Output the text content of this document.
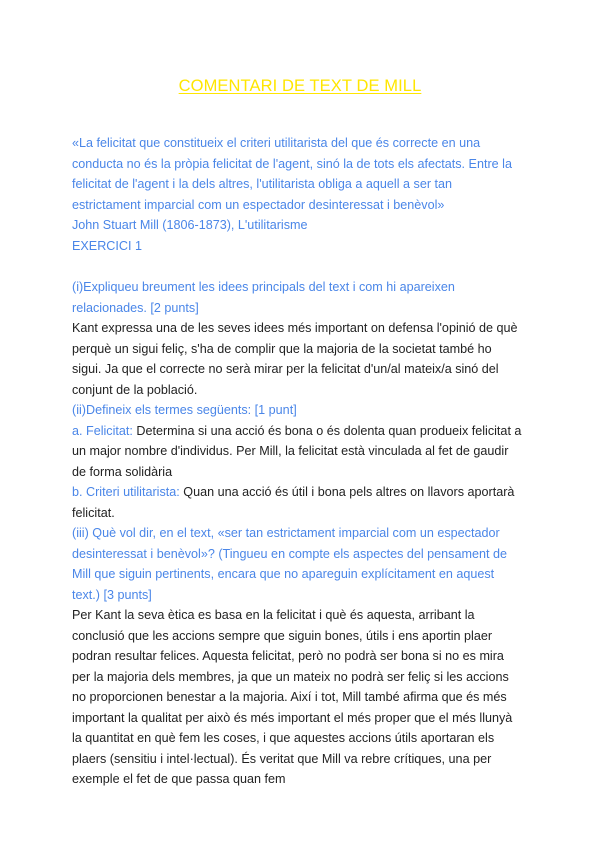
COMENTARI DE TEXT DE MILL

«La felicitat que constitueix el criteri utilitarista del que és correcte en una conducta no és la pròpia felicitat de l'agent, sinó la de tots els afectats. Entre la felicitat de l'agent i la dels altres, l'utilitarista obliga a aquell a ser tan estrictament imparcial com un espectador desinteressat i benèvol»

John Stuart Mill (1806-1873), L'utilitarisme

EXERCICI 1

(i)Expliqueu breument les idees principals del text i com hi apareixen relacionades. [2 punts]

Kant expressa una de les seves idees més important on defensa l'opinió de què perquè un sigui feliç, s'ha de complir que la majoria de la societat també ho sigui. Ja que el correcte no serà mirar per la felicitat d'un/al mateix/a sinó del conjunt de la població.

(ii)Defineix els termes següents: [1 punt]

a. Felicitat: Determina si una acció és bona o és dolenta quan produeix felicitat a un major nombre d'individus. Per Mill, la felicitat està vinculada al fet de gaudir de forma solidària

b. Criteri utilitarista: Quan una acció és útil i bona pels altres on llavors aportarà felicitat.

(iii) Què vol dir, en el text, «ser tan estrictament imparcial com un espectador desinteressat i benèvol»? (Tingueu en compte els aspectes del pensament de Mill que siguin pertinents, encara que no apareguin explícitament en aquest text.) [3 punts]

Per Kant la seva ètica es basa en la felicitat i què és aquesta, arribant la conclusió que les accions sempre que siguin bones, útils i ens aportin plaer podran resultar felices. Aquesta felicitat, però no podrà ser bona si no es mira per la majoria dels membres, ja que un mateix no podrà ser feliç si les accions no proporcionen benestar a la majoria. Així i tot, Mill també afirma que és més important la qualitat per això és més important el més proper que el més llunyà la quantitat en què fem les coses, i que aquestes accions útils aportaran els plaers (sensitiu i intel·lectual). És veritat que Mill va rebre crítiques, una per exemple el fet de que passa quan fem
